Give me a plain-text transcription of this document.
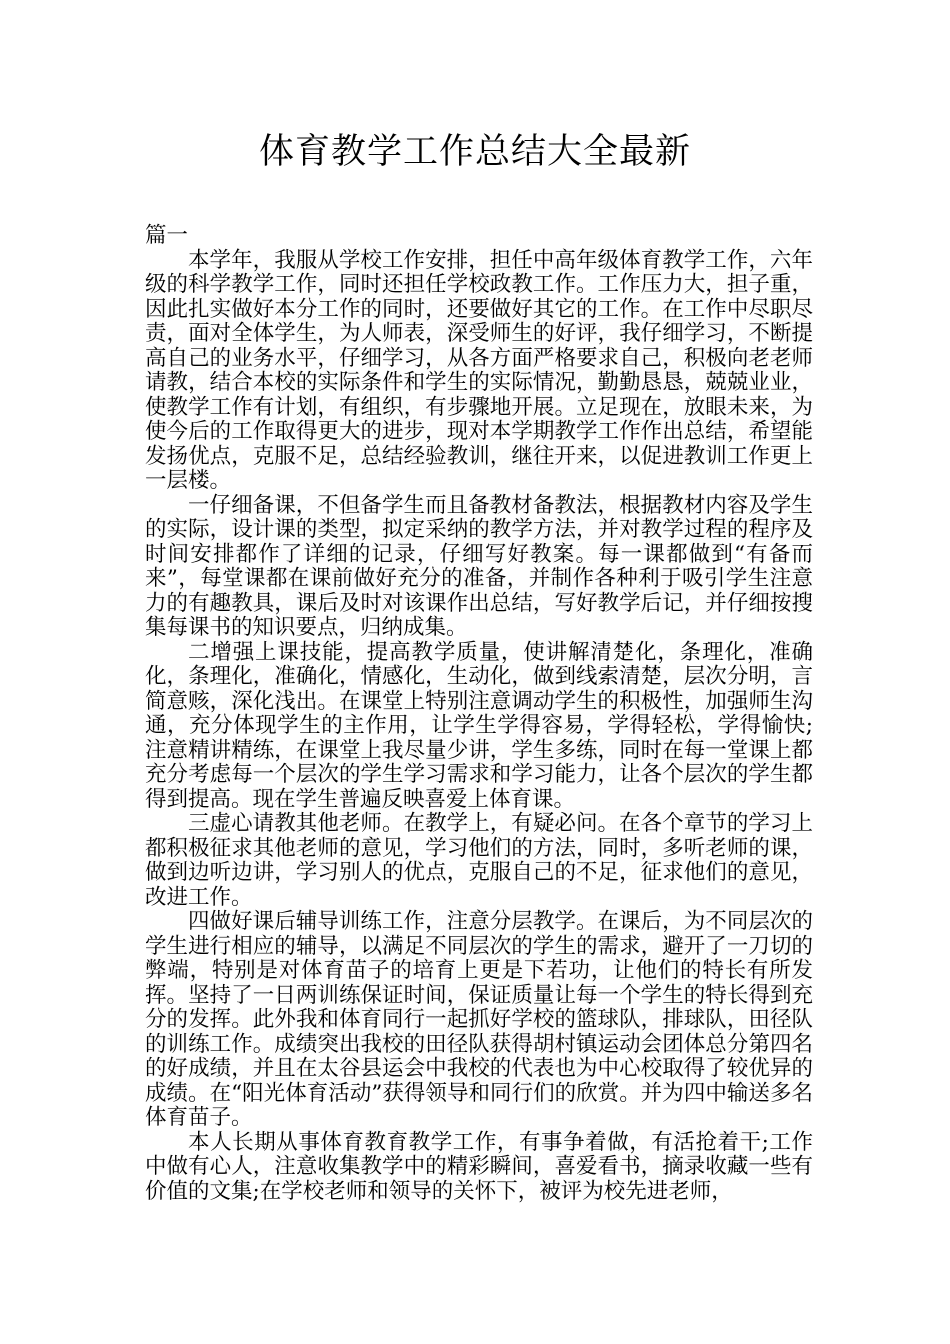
体育教学工作总结大全最新

篇一

本学年，我服从学校工作安排，担任中高年级体育教学工作，六年级的科学教学工作，同时还担任学校政教工作。工作压力大，担子重，因此扎实做好本分工作的同时，还要做好其它的工作。在工作中尽职尽责，面对全体学生，为人师表，深受师生的好评，我仔细学习，不断提高自己的业务水平，仔细学习，从各方面严格要求自己，积极向老老师请教，结合本校的实际条件和学生的实际情况，勤勤恳恳，兢兢业业，使教学工作有计划，有组织，有步骤地开展。立足现在，放眼未来，为使今后的工作取得更大的进步，现对本学期教学工作作出总结，希望能发扬优点，克服不足，总结经验教训，继往开来，以促进教训工作更上一层楼。

一仔细备课，不但备学生而且备教材备教法，根据教材内容及学生的实际，设计课的类型，拟定采纳的教学方法，并对教学过程的程序及时间安排都作了详细的记录，仔细写好教案。每一课都做到“有备而来”，每堂课都在课前做好充分的准备，并制作各种利于吸引学生注意力的有趣教具，课后及时对该课作出总结，写好教学后记，并仔细按搜集每课书的知识要点，归纳成集。

二增强上课技能，提高教学质量，使讲解清楚化，条理化，准确化，条理化，准确化，情感化，生动化，做到线索清楚，层次分明，言简意赅，深化浅出。在课堂上特别注意调动学生的积极性，加强师生沟通，充分体现学生的主作用，让学生学得容易，学得轻松，学得愉快;注意精讲精练，在课堂上我尽量少讲，学生多练，同时在每一堂课上都充分考虑每一个层次的学生学习需求和学习能力，让各个层次的学生都得到提高。现在学生普遍反映喜爱上体育课。

三虚心请教其他老师。在教学上，有疑必问。在各个章节的学习上都积极征求其他老师的意见，学习他们的方法，同时，多听老师的课，做到边听边讲，学习别人的优点，克服自己的不足，征求他们的意见，改进工作。

四做好课后辅导训练工作，注意分层教学。在课后，为不同层次的学生进行相应的辅导，以满足不同层次的学生的需求，避开了一刀切的弊端，特别是对体育苗子的培育上更是下若功，让他们的特长有所发挥。坚持了一日两训练保证时间，保证质量让每一个学生的特长得到充分的发挥。此外我和体育同行一起抓好学校的篮球队，排球队，田径队的训练工作。成绩突出我校的田径队获得胡村镇运动会团体总分第四名的好成绩，并且在太谷县运会中我校的代表也为中心校取得了较优异的成绩。在“阳光体育活动”获得领导和同行们的欣赏。并为四中输送多名体育苗子。

本人长期从事体育教育教学工作，有事争着做，有活抢着干;工作中做有心人，注意收集教学中的精彩瞬间，喜爱看书，摘录收藏一些有价值的文集;在学校老师和领导的关怀下，被评为校先进老师，
